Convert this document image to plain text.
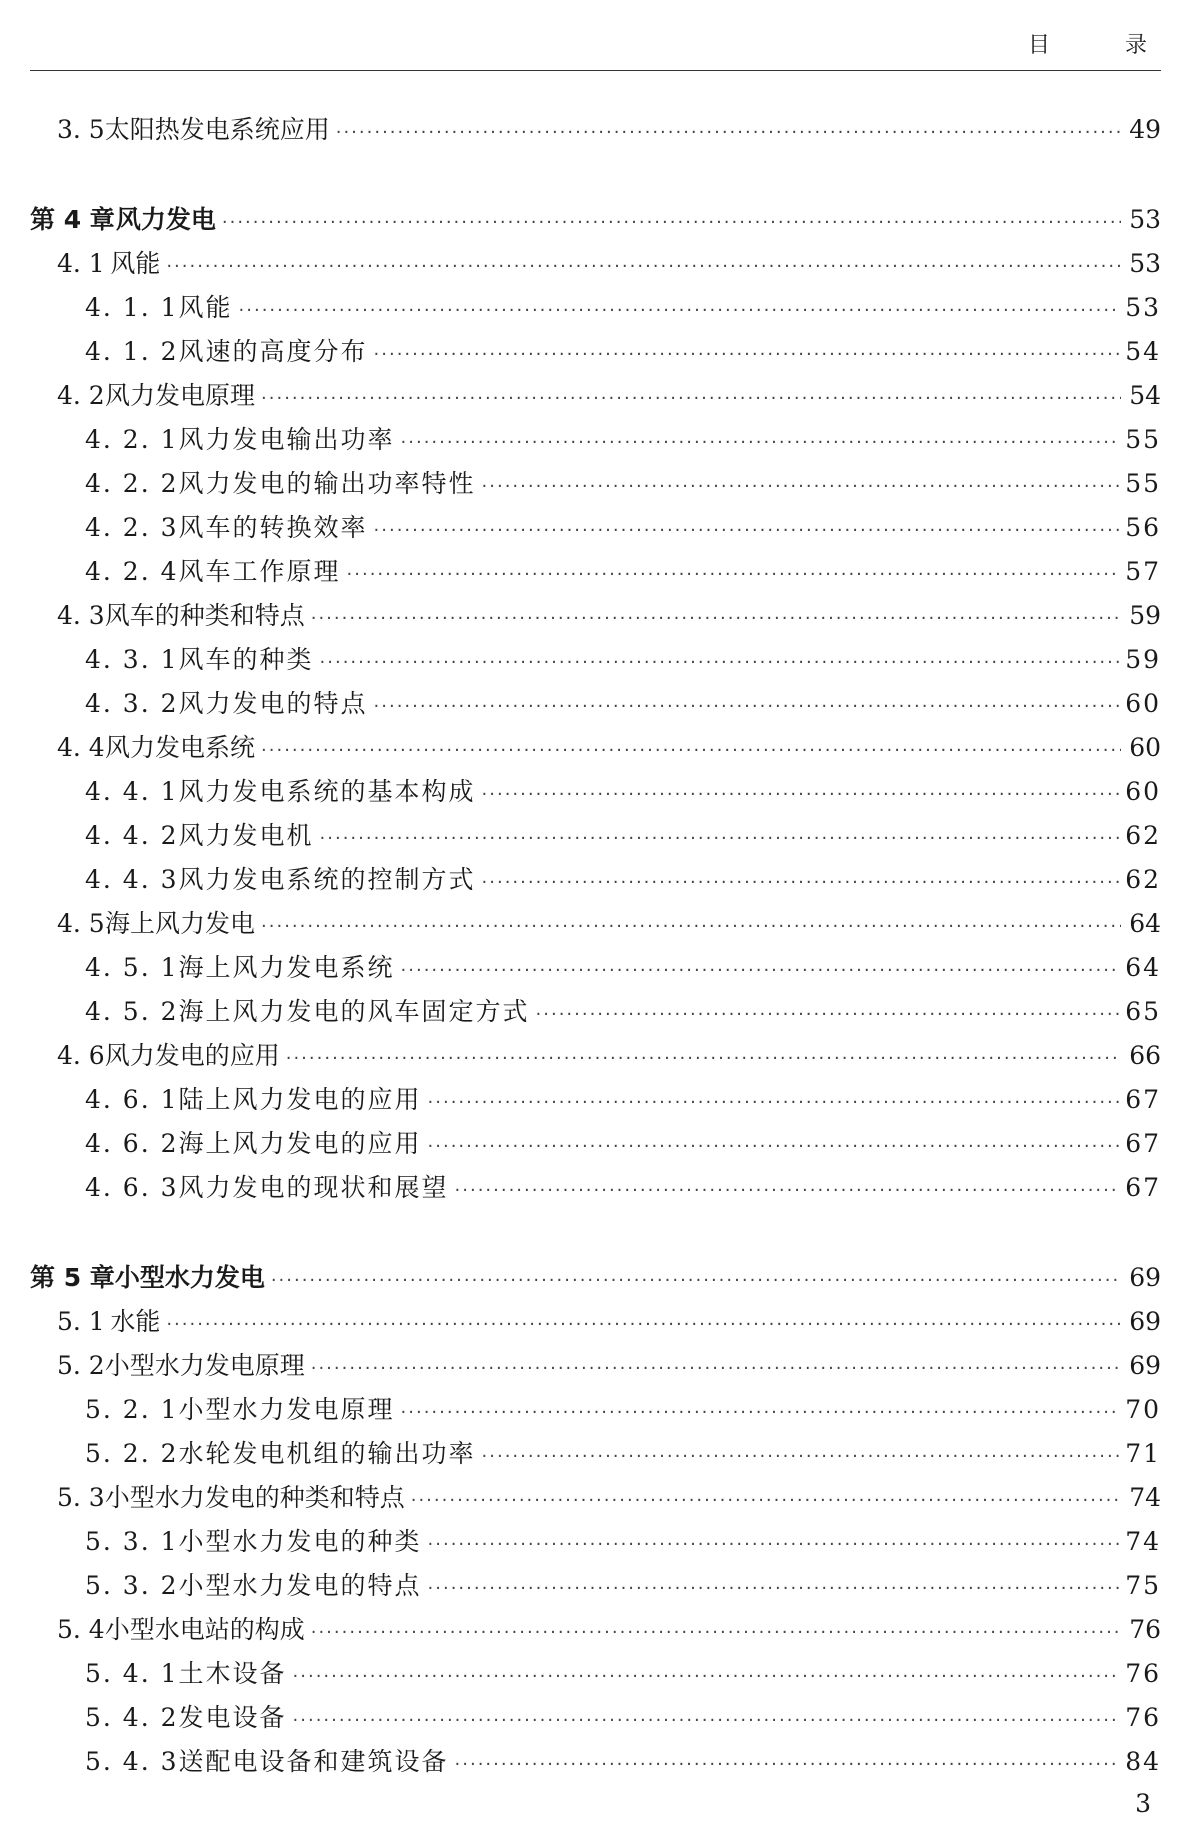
目 录
3. 5 太阳热发电系统应用 ·····	49
第 4 章 风力发电 ·····	53
4. 1 风能 ·····	53
4. 1. 1 风能 ·····	53
4. 1. 2 风速的高度分布 ·····	54
4. 2 风力发电原理 ·····	54
4. 2. 1 风力发电输出功率 ·····	55
4. 2. 2 风力发电的输出功率特性 ·····	55
4. 2. 3 风车的转换效率 ·····	56
4. 2. 4 风车工作原理 ·····	57
4. 3 风车的种类和特点 ·····	59
4. 3. 1 风车的种类 ·····	59
4. 3. 2 风力发电的特点 ·····	60
4. 4 风力发电系统 ·····	60
4. 4. 1 风力发电系统的基本构成 ·····	60
4. 4. 2 风力发电机 ·····	62
4. 4. 3 风力发电系统的控制方式 ·····	62
4. 5 海上风力发电 ·····	64
4. 5. 1 海上风力发电系统 ·····	64
4. 5. 2 海上风力发电的风车固定方式 ·····	65
4. 6 风力发电的应用 ·····	66
4. 6. 1 陆上风力发电的应用 ·····	67
4. 6. 2 海上风力发电的应用 ·····	67
4. 6. 3 风力发电的现状和展望 ·····	67
第 5 章 小型水力发电 ·····	69
5. 1 水能 ·····	69
5. 2 小型水力发电原理 ·····	69
5. 2. 1 小型水力发电原理 ·····	70
5. 2. 2 水轮发电机组的输出功率 ·····	71
5. 3 小型水力发电的种类和特点 ·····	74
5. 3. 1 小型水力发电的种类 ·····	74
5. 3. 2 小型水力发电的特点 ·····	75
5. 4 小型水电站的构成 ·····	76
5. 4. 1 土木设备 ·····	76
5. 4. 2 发电设备 ·····	76
5. 4. 3 送配电设备和建筑设备 ·····	84
3
